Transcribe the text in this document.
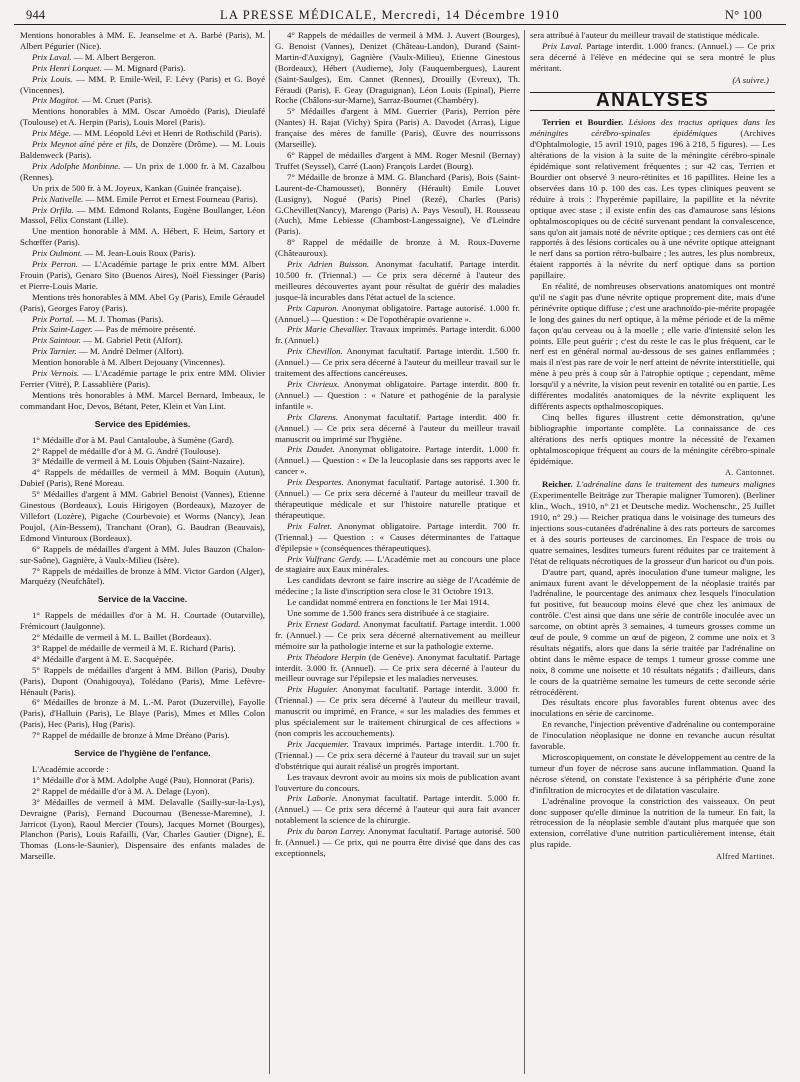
944	LA PRESSE MÉDICALE, Mercredi, 14 Décembre 1910	N° 100

Mentions honorables à MM. E. Jeanselme et A. Barbé (Paris), M. Albert Pégurier (Nice).

Prix Laval. — M. Albert Bergeron.

Prix Henri Lorquet. — M. Mignard (Paris).

Prix Louis. — MM. P. Emile-Weil, F. Lévy (Paris) et G. Boyé (Vincennes).

Prix Magitot. — M. Cruet (Paris).

Mentions honorables à MM. Oscar Amoëdo (Paris), Dieulafé (Toulouse) et A. Herpin (Paris), Louis Morel (Paris).

Prix Mège. — MM. Léopold Lévi et Henri de Rothschild (Paris).

Prix Meynot aîné père et fils, de Donzère (Drôme). — M. Louis Baldenweck (Paris).

Prix Adolphe Monbinne. — Un prix de 1.000 fr. à M. Cazalbou (Rennes).

Un prix de 500 fr. à M. Joyeux, Kankan (Guinée française).

Prix Nativelle. — MM. Emile Perrot et Ernest Fourneau (Paris).

Prix Orfila. — MM. Edmond Rolants, Eugène Boullanger, Léon Massol, Félix Constant (Lille).

Une mention honorable à MM. A. Hébert, F. Heim, Sartory et Schœffer (Paris).

Prix Oulmont. — M. Jean-Louis Roux (Paris).

Prix Perron. — L'Académie partage le prix entre MM. Albert Frouin (Paris), Genaro Sito (Buenos Aires), Noël Fiessinger (Paris) et Pierre-Louis Marie.

Mentions très honorables à MM. Abel Gy (Paris), Emile Géraudel (Paris), Georges Faroy (Paris).

Prix Portal. — M. J. Thomas (Paris).

Prix Saint-Lager. — Pas de mémoire présenté.

Prix Saintour. — M. Gabriel Petit (Alfort).

Prix Tarnier. — M. André Delmer (Alfort).

Mention honorable à M. Albert Dejouany (Vincennes).

Prix Vernois. — L'Académie partage le prix entre MM. Olivier Ferrier (Vitré), P. Lassablière (Paris).

Mentions très honorables à MM. Marcel Bernard, Imbeaux, le commandant Hoc, Devos, Bétant, Peter, Klein et Van Lint.

Service des Epidémies.

1° Médaille d'or à M. Paul Cantaloube, à Sumène (Gard).

2° Rappel de médaille d'or à M. G. André (Toulouse).

3° Médaille de vermeil à M. Louis Objuben (Saint-Nazaire).

4° Rappels de médailles de vermeil à MM. Boquin (Autun), Dubief (Paris), René Moreau.

5° Médailles d'argent à MM. Gabriel Benoist (Vannes), Etienne Ginestous (Bordeaux), Louis Hirigoyen (Bordeaux), Mazoyer de Villefort (Lozère), Pigache (Courbevoie) et Worms (Nancy), Jean Poujol, (Ain-Bessem), Tranchant (Oran), G. Baudran (Beauvais), Edmond Vinturoux (Bordeaux).

6° Rappels de médailles d'argent à MM. Jules Bauzon (Chalon-sur-Saône), Gagnière, à Vaulx-Milieu (Isère).

7° Rappels de médailles de bronze à MM. Victor Gardon (Alger), Marquézy (Neufchâtel).

Service de la Vaccine.

1° Rappels de médailles d'or à M. H. Courtade (Outarville), Frémicourt (Jaulgonne).

2° Médaille de vermeil à M. L. Baillet (Bordeaux).

3° Rappel de médaille de vermeil à M. E. Richard (Paris).

4° Médaille d'argent à M. E. Sacquépée.

5° Rappels de médailles d'argent à MM. Billon (Paris), Douby (Paris), Dupont (Onahigouya), Tolédano (Paris), Mme Lefèvre-Hénault (Paris).

6° Médailles de bronze à M. L.-M. Parot (Duzerville), Fayolle (Paris), d'Halluin (Paris), Le Blaye (Paris), Mmes et Mlles Colon (Paris), Hec (Paris), Hug (Paris).

7° Rappel de médaille de bronze à Mme Dréano (Paris).

Service de l'hygiène de l'enfance.

L'Académie accorde :

1° Médaille d'or à MM. Adolphe Augé (Pau), Honnorat (Paris).

2° Rappel de médaille d'or à M. A. Delage (Lyon).

3° Médailles de vermeil à MM. Delavalle (Sailly-sur-la-Lys), Devraigne (Paris), Fernand Ducournau (Benesse-Maremne), J. Jarricot (Lyon), Raoul Mercier (Tours), Jacques Mornet (Bourges), Planchon (Paris), Louis Rafailli, (Var, Charles Gautier (Digne), E. Thomas (Lons-le-Saunier), Dispensaire des enfants malades de Marseille.

4° Rappels de médailles de vermeil à MM. J. Auvert (Bourges), G. Benoist (Vannes), Denizet (Château-Landon), Durand (Saint-Martin-d'Auxigny), Gagnière (Vaulx-Milieu), Etienne Ginestous (Bordeaux), Hébert (Audierne), Joly (Fauquembergues), Laurent (Saint-Saulges), Em. Cannet (Rennes), Drouilly (Evreux), Th. Féraudi (Paris), F. Geay (Draguignan), Léon Louis (Epinal), Pierre Roche (Châlons-sur-Marne), Sarraz-Bournet (Chambéry).

5° Médailles d'argent à MM. Guerrier (Paris), Perrion père (Nantes) H. Rajat (Vichy) Spira (Paris) A. Davodet (Arras), Ligue française des mères de famille (Paris), Œuvre des nourrissons (Marseille).

6° Rappel de médailles d'argent à MM. Roger Mesnil (Bernay) Truffet (Seyssel), Carré (Laon) François Lardet (Bourg).

7° Médaille de bronze à MM. G. Blanchard (Paris), Bois (Saint-Laurent-de-Chamousset), Bonnéry (Hérault) Emile Louvet (Lusigny), Nogué (Paris) Pinel (Rezé), Charles (Paris) G.Chevillet(Nancy), Marengo (Paris) A. Pays Vesoul), H. Rousseau (Auch), Mme Lebiesse (Chambost-Langessaigne), Ve d'Leindre (Paris).

8° Rappel de médaille de bronze à M. Roux-Duverne (Châteauroux).

Prix Adrien Buisson. Anonymat facultatif. Partage interdit. 10.500 fr. (Triennal.) — Ce prix sera décerné à l'auteur des meilleures découvertes ayant pour résultat de guérir des maladies jusque-là incurables dans l'état actuel de la science.

Prix Capuron. Anonymat obligatoire. Partage autorisé. 1.000 fr. (Annuel.) — Question : « De l'opothérapie ovarienne ».

Prix Marie Chevallier. Travaux imprimés. Partage interdit. 6.000 fr. (Annuel.)

Prix Chevillon. Anonymat facultatif. Partage interdit. 1.500 fr. (Annuel.) — Ce prix sera décerné à l'auteur du meilleur travail sur le traitement des affections cancéreuses.

Prix Civrieux. Anonymat obligatoire. Partage interdit. 800 fr. (Annuel.) — Question : « Nature et pathogénie de la paralysie infantile ».

Prix Clarens. Anonymat facultatif. Partage interdit. 400 fr. (Annuel.) — Ce prix sera décerné à l'auteur du meilleur travail manuscrit ou imprimé sur l'hygiène.

Prix Daudet. Anonymat obligatoire. Partage interdit. 1.000 fr. (Annuel.) — Question : « De la leucoplasie dans ses rapports avec le cancer ».

Prix Desportes. Anonymat facultatif. Partage autorisé. 1.300 fr. (Annuel.) — Ce prix sera décerné à l'auteur du meilleur travail de thérapeutique médicale et sur l'histoire naturelle pratique et thérapeutique.

Prix Falret. Anonymat obligatoire. Partage interdit. 700 fr. (Triennal.) — Question : « Causes déterminantes de l'attaque d'épilepsie » (conséquences thérapeutiques).

Prix Vulfranc Gerdy. — L'Académie met au concours une place de stagiaire aux Eaux minérales.

Les candidats devront se faire inscrire au siège de l'Académie de médecine ; la liste d'inscription sera close le 31 Octobre 1913.

Le candidat nommé entrera en fonctions le 1er Mai 1914.

Une somme de 1.500 francs sera distribuée à ce stagiaire.

Prix Ernest Godard. Anonymat facultatif. Partage interdit. 1.000 fr. (Annuel.) — Ce prix sera décerné alternativement au meilleur mémoire sur la pathologie interne et sur la pathologie externe.

Prix Théodore Herpin (de Genève). Anonymat facultatif. Partage interdit. 3.000 fr. (Annuel). — Ce prix sera décerné à l'auteur du meilleur ouvrage sur l'épilepsie et les maladies nerveuses.

Prix Huguier. Anonymat facultatif. Partage interdit. 3.000 fr. (Triennal.) — Ce prix sera décerné à l'auteur du meilleur travail, manuscrit ou imprimé, en France, « sur les maladies des femmes et plus spécialement sur le traitement chirurgical de ces affections » (non compris les accouchements).

Prix Jacquemier. Travaux imprimés. Partage interdit. 1.700 fr. (Triennal.) — Ce prix sera décerné à l'auteur du travail sur un sujet d'obstétrique qui aurait réalisé un progrès important.

Les travaux devront avoir au moins six mois de publication avant l'ouverture du concours.

Prix Laborie. Anonymat facultatif. Partage interdit. 5.000 fr. (Annuel.) — Ce prix sera décerné à l'auteur qui aura fait avancer notablement la science de la chirurgie.

Prix du baron Larrey. Anonymat facultatif. Partage autorisé. 500 fr. (Annuel.) — Ce prix, qui ne pourra être divisé que dans des cas exceptionnels,

sera attribué à l'auteur du meilleur travail de statistique médicale.

Prix Laval. Partage interdit. 1.000 francs. (Annuel.) — Ce prix sera décerné à l'élève en médecine qui se sera montré le plus méritant.

(A suivre.)
ANALYSES

Terrien et Bourdier. Lésions des tractus optiques dans les méningites cérébro-spinales épidémiques (Archives d'Ophtalmologie, 15 avril 1910, pages 196 à 218, 5 figures). — Les altérations de la vision à la suite de la méningite cérébro-spinale épidémique sont relativement fréquentes ; sur 42 cas, Terrien et Bourdier ont observé 3 neuro-rétinites et 16 papillites. Heine les a observées dans 10 p. 100 des cas. Les types cliniques peuvent se réduire à trois : l'hyperémie papillaire, la papillite et la névrite optique avec stase ; il existe enfin des cas d'amaurose sans lésions ophtalmoscopiques ou de cécité survenant pendant la convalescence, sans qu'on ait jamais noté de névrite optique ; ces derniers cas ont été rapportés à des lésions corticales ou à une névrite optique atteignant le nerf dans sa portion rétro-bulbaire ; les autres, les plus nombreux, étaient rapportés à la névrite du nerf optique dans sa portion papillaire.

En réalité, de nombreuses observations anatomiques ont montré qu'il ne s'agit pas d'une névrite optique proprement dite, mais d'une périnévrite optique diffuse ; c'est une arachnoïdo-pie-mérite propagée le long des gaines du nerf optique, à la même période et de la même façon qu'au cerveau ou à la moelle ; elle varie d'intensité selon les points. Elle peut guérir ; c'est du reste le cas le plus fréquent, car le nerf est en général normal au-dessous de ses gaines enflammées ; mais il n'est pas rare de voir le nerf atteint de névrite interstitielle, qui mène à peu près à coup sûr à l'atrophie optique ; cependant, même lorsqu'il y a névrite, la vision peut revenir en totalité ou en partie. Les différentes modalités anatomiques de la névrite expliquent les différents aspects opthalmoscopiques.

Cinq belles figures illustrent cette démonstration, qu'une bibliographie importante complète. La connaissance de ces altérations des nerfs optiques montre la nécessité de l'examen ophtalmoscopique fréquent au cours de la méningite cérébro-spinale épidémique.

A. Cantonnet.

Reicher. L'adrénaline dans le traitement des tumeurs malignes (Experimentelle Beiträge zur Therapie maligner Tumoren). (Berliner klin., Woch., 1910, n° 21 et Deutsche mediz. Wochenschr., 25 Juillet 1910, n° 29.) — Reicher pratiqua dans le voisinage des tumeurs des injections sous-cutanées d'adrénaline à des rats porteurs de sarcomes et à des souris porteuses de carcinomes. En l'espace de trois ou quatre semaines, lesdites tumeurs furent réduites par ce traitement à l'état de reliquats nécrotiques de la grosseur d'un haricot ou d'un pois.

D'autre part, quand, après inoculation d'une tumeur maligne, les animaux furent avant le développement de la néoplasie traités par l'adrénaline, le pourcentage des animaux chez lesquels l'inoculation fut positive, fut beaucoup moins élevé que chez les animaux de contrôle. C'est ainsi que dans une série de contrôle inoculée avec un sarcome, on obtint après 3 semaines, 4 tumeurs grosses comme un œuf de poule, 9 comme un œuf de pigeon, 2 comme une noix et 3 résultats négatifs, alors que dans la série traitée par l'adrénaline on obtint dans le même espace de temps 1 tumeur grosse comme une noix, 8 comme une noisette et 10 résultats négatifs ; d'ailleurs, dans le cours de la quatrième semaine les tumeurs de cette seconde série rétrocédèrent.

Des résultats encore plus favorables furent obtenus avec des inoculations en série de carcinome.

En revanche, l'injection préventive d'adrénaline ou contemporaine de l'inoculation néoplasique ne donne en revanche aucun résultat favorable.

Microscopiquement, on constate le développement au centre de la tumeur d'un foyer de nécrose sans aucune inflammation. Quand la nécrose s'étend, on constate l'existence à sa périphérie d'une zone d'infiltration de microcytes et de dilatation vasculaire.

L'adrénaline provoque la constriction des vaisseaux. On peut donc supposer qu'elle diminue la nutrition de la tumeur. En fait, la rétrocession de la néoplasie semble d'autant plus marquée que son extension, corrélative d'une nutrition particulièrement intense, était plus rapide.

Alfred Martinet.
